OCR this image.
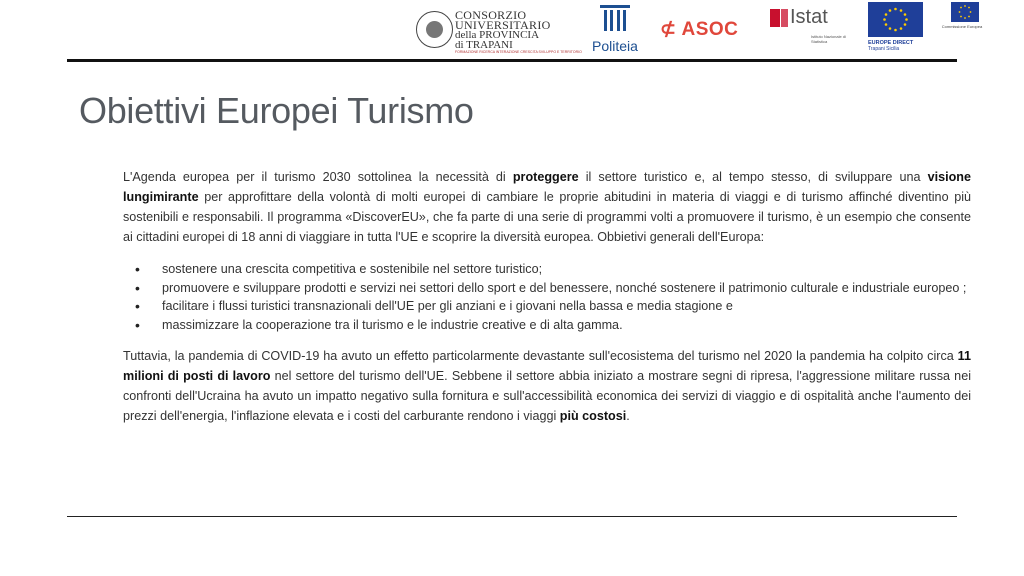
CONSORZIO
UNIVERSITARIO
della PROVINCIA
di TRAPANI
FORMAZIONE RICERCA INTERAZIONE CRESCITA SVILUPPO E TERRITORIO Politeia
⊄ ASOC
Istat
Istituto Nazionale di Statistica	EUROPE DIRECT
Trapani Sicilia
Commissione Europea
Obiettivi Europei Turismo

L'Agenda europea per il turismo 2030 sottolinea la necessità di proteggere il settore turistico e, al tempo stesso, di sviluppare una visione lungimirante per approfittare della volontà di molti europei di cambiare le proprie abitudini in materia di viaggi e di turismo affinché diventino più sostenibili e responsabili. Il programma «DiscoverEU», che fa parte di una serie di programmi volti a promuovere il turismo, è un esempio che consente ai cittadini europei di 18 anni di viaggiare in tutta l'UE e scoprire la diversità europea. Obbietivi generali dell'Europa:

• sostenere una crescita competitiva e sostenibile nel settore turistico;
• promuovere e sviluppare prodotti e servizi nei settori dello sport e del benessere, nonché sostenere il patrimonio culturale e industriale europeo ;
• facilitare i flussi turistici transnazionali dell'UE per gli anziani e i giovani nella bassa e media stagione e
• massimizzare la cooperazione tra il turismo e le industrie creative e di alta gamma.

Tuttavia, la pandemia di COVID-19 ha avuto un effetto particolarmente devastante sull'ecosistema del turismo nel 2020 la pandemia ha colpito circa 11 milioni di posti di lavoro nel settore del turismo dell'UE. Sebbene il settore abbia iniziato a mostrare segni di ripresa, l'aggressione militare russa nei confronti dell'Ucraina ha avuto un impatto negativo sulla fornitura e sull'accessibilità economica dei servizi di viaggio e di ospitalità anche l'aumento dei prezzi dell'energia, l'inflazione elevata e i costi del carburante rendono i viaggi più costosi.
